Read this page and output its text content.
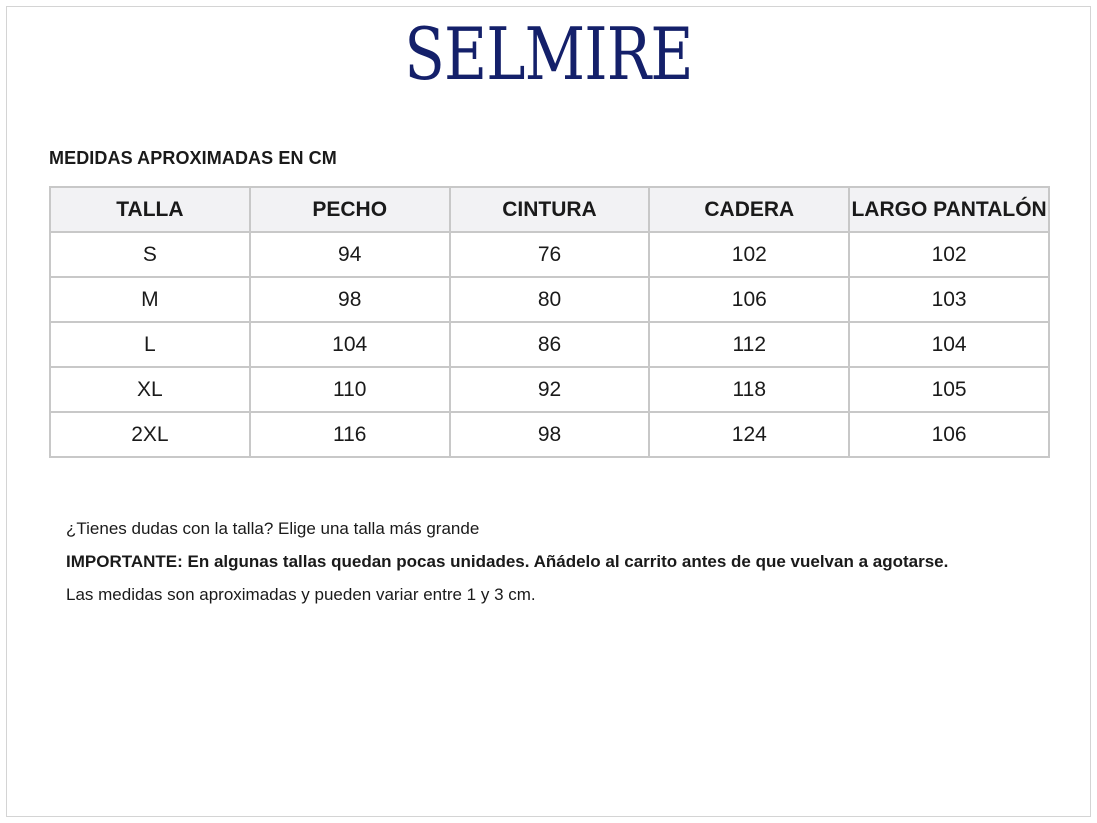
SELMIRE
MEDIDAS APROXIMADAS EN CM
TALLA	PECHO	CINTURA	CADERA	LARGO PANTALÓN
S	94	76	102	102
M	98	80	106	103
L	104	86	112	104
XL	110	92	118	105
2XL	116	98	124	106

¿Tienes dudas con la talla? Elige una talla más grande

IMPORTANTE: En algunas tallas quedan pocas unidades. Añádelo al carrito antes de que vuelvan a agotarse.

Las medidas son aproximadas y pueden variar entre 1 y 3 cm.
